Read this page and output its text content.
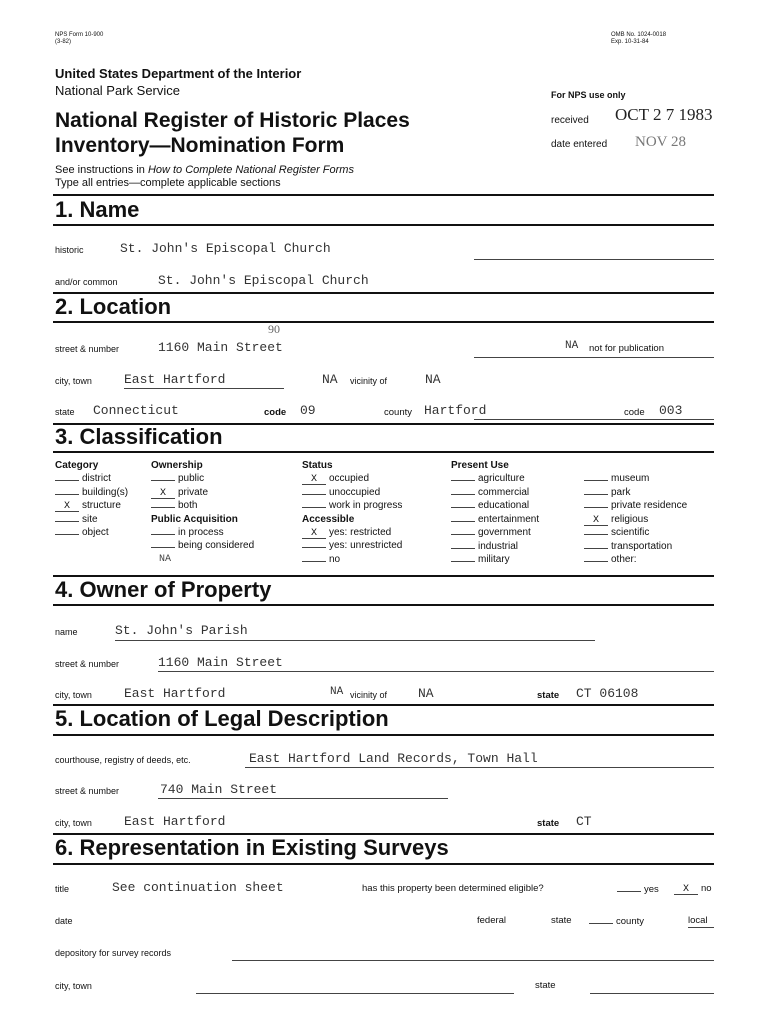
NPS Form 10-900
(3-82)
OMB No. 1024-0018
Exp. 10-31-84
United States Department of the Interior
National Park Service
National Register of Historic Places
Inventory—Nomination Form
For NPS use only
received OCT 2 7 1983
date entered NOV 28
See instructions in How to Complete National Register Forms
Type all entries—complete applicable sections
1. Name
historic	St. John's Episcopal Church
and/or common	St. John's Episcopal Church
2. Location
90
street & number	1160 Main Street	NA not for publication
city, town East Hartford	NA vicinity of	NA
state Connecticut	code 09	county Hartford	code 003
3. Classification
Category
district
building(s)
X structure
site
object
Ownership
public
X private
both
Public Acquisition
in process
being considered
NA
Status
X occupied
unoccupied
work in progress
Accessible
X yes: restricted
yes: unrestricted
no
Present Use
agriculture
commercial
educational
entertainment
government
industrial
military
museum
park
private residence
X religious
scientific
transportation
other:
4. Owner of Property
name	St. John's Parish
street & number	1160 Main Street
city, town East Hartford	NA vicinity of NA	state CT 06108
5. Location of Legal Description
courthouse, registry of deeds, etc.	East Hartford Land Records, Town Hall
street & number	740 Main Street
city, town East Hartford	state CT
6. Representation in Existing Surveys
title	See continuation sheet	has this property been determined eligible?	yes	X no
date	federal	state	county	local
depository for survey records
city, town	state
